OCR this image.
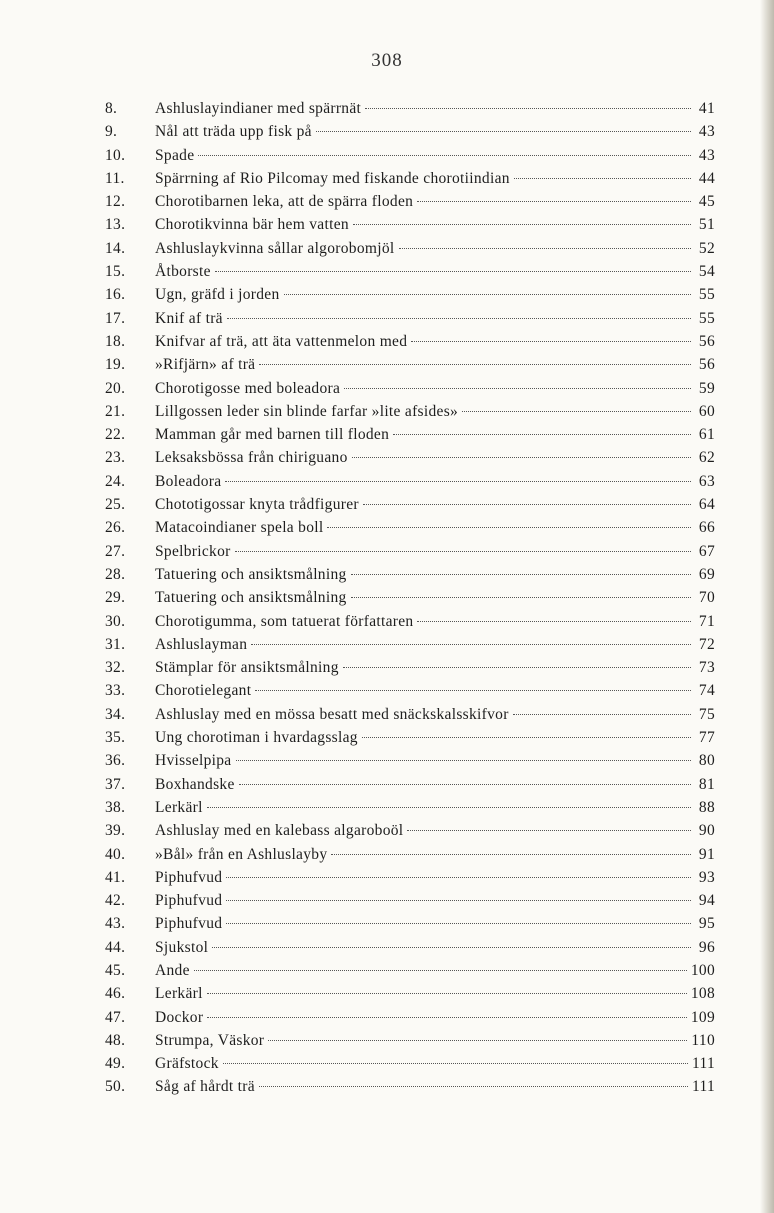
308
8.	Ashluslayindianer med spärrnät	41
9.	Nål att träda upp fisk på	43
10.	Spade	43
11.	Spärrning af Rio Pilcomay med fiskande chorotiindian	44
12.	Chorotibarnen leka, att de spärra floden	45
13.	Chorotikvinna bär hem vatten	51
14.	Ashluslaykvinna sållar algorobomjöl	52
15.	Åtborste	54
16.	Ugn, gräfd i jorden	55
17.	Knif af trä	55
18.	Knifvar af trä, att äta vattenmelon med	56
19.	»Rifjärn» af trä	56
20.	Chorotigosse med boleadora	59
21.	Lillgossen leder sin blinde farfar »lite afsides»	60
22.	Mamman går med barnen till floden	61
23.	Leksaksbössa från chiriguano	62
24.	Boleadora	63
25.	Chototigossar knyta trådfigurer	64
26.	Matacoindianer spela boll	66
27.	Spelbrickor	67
28.	Tatuering och ansiktsmålning	69
29.	Tatuering och ansiktsmålning	70
30.	Chorotigumma, som tatuerat författaren	71
31.	Ashluslayman	72
32.	Stämplar för ansiktsmålning	73
33.	Chorotielegant	74
34.	Ashluslay med en mössa besatt med snäckskalsskifvor	75
35.	Ung chorotiman i hvardagsslag	77
36.	Hvisselpipa	80
37.	Boxhandske	81
38.	Lerkärl	88
39.	Ashluslay med en kalebass algaroboöl	90
40.	»Bål» från en Ashluslayby	91
41.	Piphufvud	93
42.	Piphufvud	94
43.	Piphufvud	95
44.	Sjukstol	96
45.	Ande	100
46.	Lerkärl	108
47.	Dockor	109
48.	Strumpa, Väskor	110
49.	Gräfstock	111
50.	Såg af hårdt trä	111
